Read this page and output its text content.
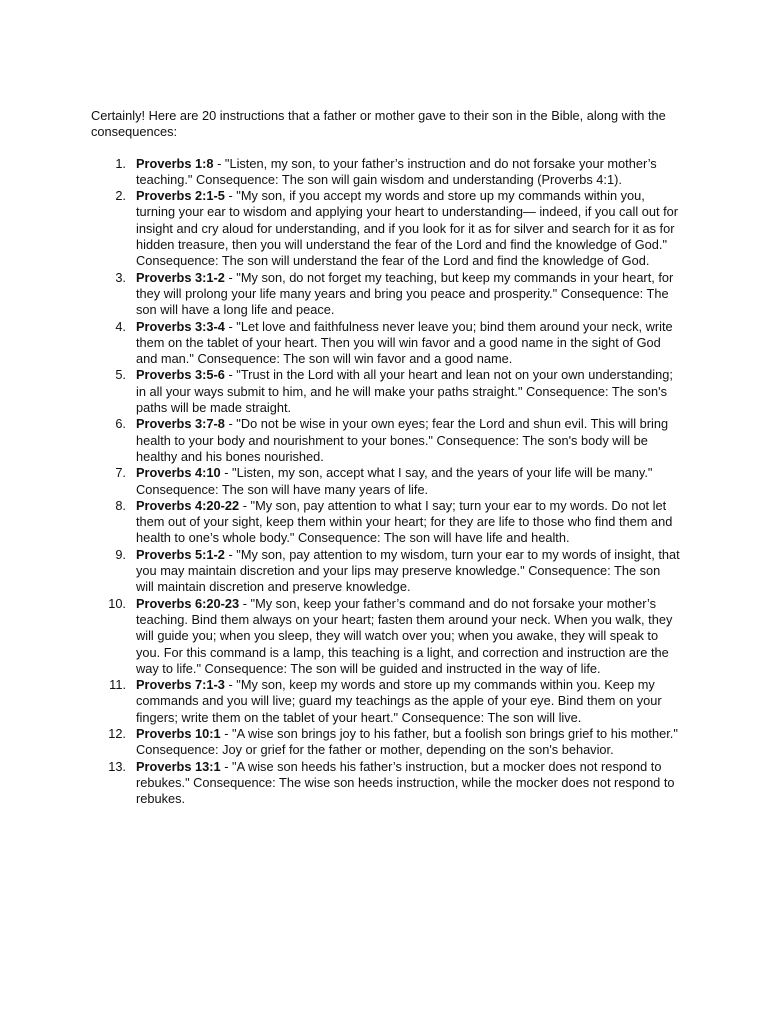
Certainly! Here are 20 instructions that a father or mother gave to their son in the Bible, along with the consequences:

1. Proverbs 1:8 - "Listen, my son, to your father’s instruction and do not forsake your mother’s teaching." Consequence: The son will gain wisdom and understanding (Proverbs 4:1).
2. Proverbs 2:1-5 - "My son, if you accept my words and store up my commands within you, turning your ear to wisdom and applying your heart to understanding— indeed, if you call out for insight and cry aloud for understanding, and if you look for it as for silver and search for it as for hidden treasure, then you will understand the fear of the Lord and find the knowledge of God." Consequence: The son will understand the fear of the Lord and find the knowledge of God.
3. Proverbs 3:1-2 - "My son, do not forget my teaching, but keep my commands in your heart, for they will prolong your life many years and bring you peace and prosperity." Consequence: The son will have a long life and peace.
4. Proverbs 3:3-4 - "Let love and faithfulness never leave you; bind them around your neck, write them on the tablet of your heart. Then you will win favor and a good name in the sight of God and man." Consequence: The son will win favor and a good name.
5. Proverbs 3:5-6 - "Trust in the Lord with all your heart and lean not on your own understanding; in all your ways submit to him, and he will make your paths straight." Consequence: The son's paths will be made straight.
6. Proverbs 3:7-8 - "Do not be wise in your own eyes; fear the Lord and shun evil. This will bring health to your body and nourishment to your bones." Consequence: The son's body will be healthy and his bones nourished.
7. Proverbs 4:10 - "Listen, my son, accept what I say, and the years of your life will be many." Consequence: The son will have many years of life.
8. Proverbs 4:20-22 - "My son, pay attention to what I say; turn your ear to my words. Do not let them out of your sight, keep them within your heart; for they are life to those who find them and health to one’s whole body." Consequence: The son will have life and health.
9. Proverbs 5:1-2 - "My son, pay attention to my wisdom, turn your ear to my words of insight, that you may maintain discretion and your lips may preserve knowledge." Consequence: The son will maintain discretion and preserve knowledge.
10. Proverbs 6:20-23 - "My son, keep your father’s command and do not forsake your mother’s teaching. Bind them always on your heart; fasten them around your neck. When you walk, they will guide you; when you sleep, they will watch over you; when you awake, they will speak to you. For this command is a lamp, this teaching is a light, and correction and instruction are the way to life." Consequence: The son will be guided and instructed in the way of life.
11. Proverbs 7:1-3 - "My son, keep my words and store up my commands within you. Keep my commands and you will live; guard my teachings as the apple of your eye. Bind them on your fingers; write them on the tablet of your heart." Consequence: The son will live.
12. Proverbs 10:1 - "A wise son brings joy to his father, but a foolish son brings grief to his mother." Consequence: Joy or grief for the father or mother, depending on the son's behavior.
13. Proverbs 13:1 - "A wise son heeds his father’s instruction, but a mocker does not respond to rebukes." Consequence: The wise son heeds instruction, while the mocker does not respond to rebukes.
